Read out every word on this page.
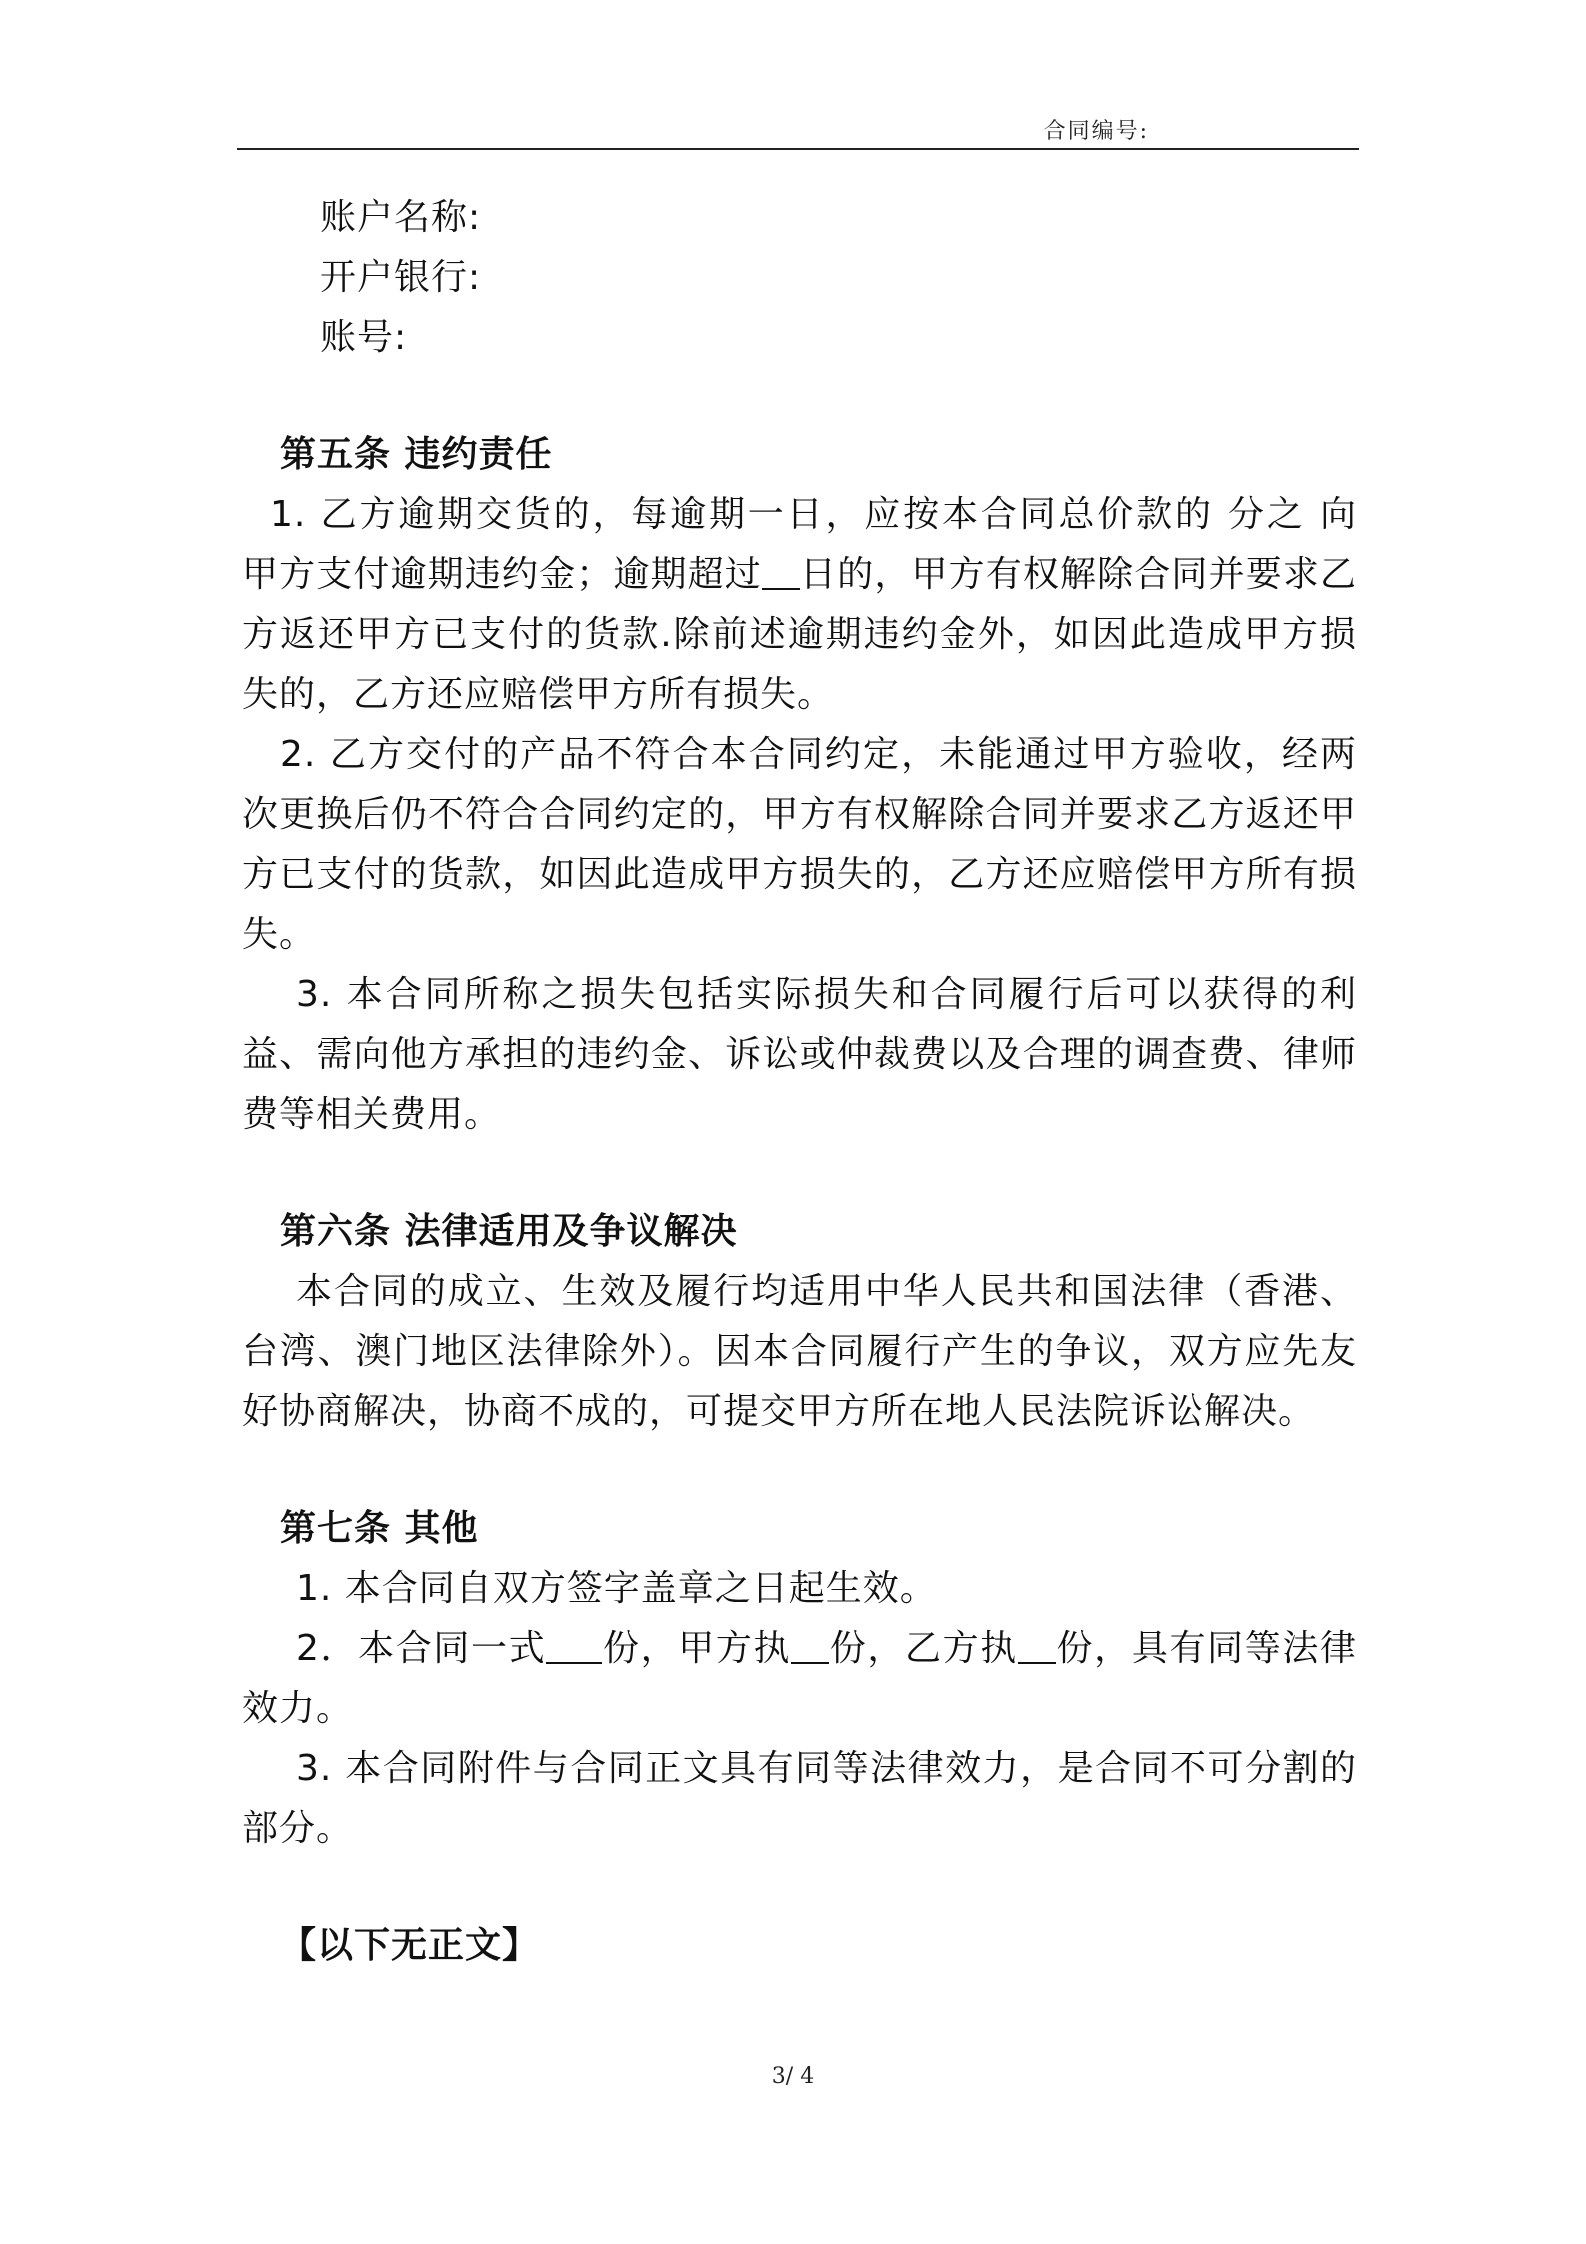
合同编号:
账户名称:
开户银行:
账号:
第五条 违约责任
1. 乙方逾期交货的，每逾期一日，应按本合同总价款的 分之 向
甲方支付逾期违约金；逾期超过 日的，甲方有权解除合同并要求乙
方返还甲方已支付的货款.除前述逾期违约金外，如因此造成甲方损
失的，乙方还应赔偿甲方所有损失。
2. 乙方交付的产品不符合本合同约定，未能通过甲方验收，经两
次更换后仍不符合合同约定的，甲方有权解除合同并要求乙方返还甲
方已支付的货款，如因此造成甲方损失的，乙方还应赔偿甲方所有损
失。
3. 本合同所称之损失包括实际损失和合同履行后可以获得的利
益、需向他方承担的违约金、诉讼或仲裁费以及合理的调查费、律师
费等相关费用。
第六条 法律适用及争议解决
本合同的成立、生效及履行均适用中华人民共和国法律（香港、
台湾、澳门地区法律除外）。因本合同履行产生的争议，双方应先友
好协商解决，协商不成的，可提交甲方所在地人民法院诉讼解决。
第七条 其他
1. 本合同自双方签字盖章之日起生效。
2．本合同一式 份，甲方执 份，乙方执 份，具有同等法律
效力。
3. 本合同附件与合同正文具有同等法律效力，是合同不可分割的
部分。
【以下无正文】
3/ 4
